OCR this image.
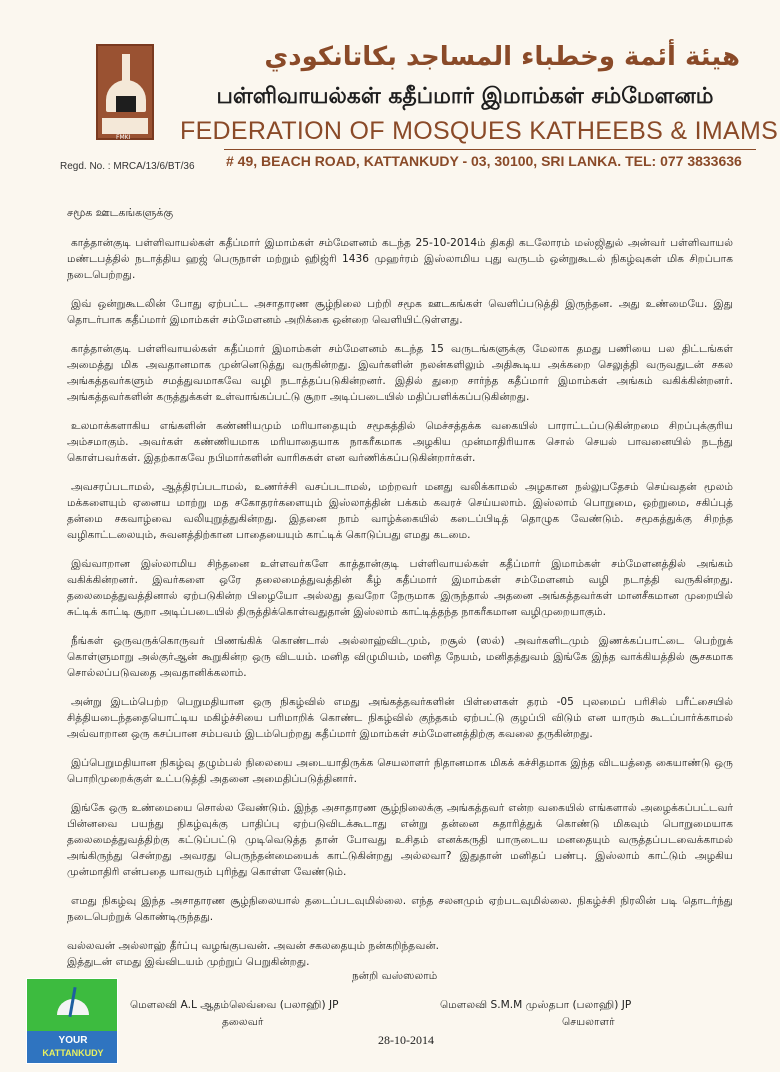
FMKI
هيئة أئمة وخطباء المساجد بكاتانكودي
பள்ளிவாயல்கள் கதீப்மார் இமாம்கள் சம்மேளனம்
FEDERATION OF MOSQUES KATHEEBS & IMAMS
# 49, BEACH ROAD, KATTANKUDY - 03, 30100, SRI LANKA. TEL: 077 3833636
Regd. No. : MRCA/13/6/BT/36

சமூக ஊடகங்களுக்கு

காத்தான்குடி பள்ளிவாயல்கள் கதீப்மார் இமாம்கள் சம்மேளனம் கடந்த 25-10-2014ம் திகதி கடலோரம் மஸ்ஜிதுல் அன்வர் பள்ளிவாயல் மண்டபத்தில் நடாத்திய ஹஜ் பெருநாள் மற்றும் ஹிஜ்ரி 1436 முஹர்ரம் இஸ்லாமிய புது வருடம் ஒன்றுகூடல் நிகழ்வுகள் மிக சிறப்பாக நடைபெற்றது.

இவ் ஒன்றுகூடலின் போது ஏற்பட்ட அசாதாரண சூழ்நிலை பற்றி சமூக ஊடகங்கள் வெளிப்படுத்தி இருந்தன. அது உண்மையே. இது தொடர்பாக கதீப்மார் இமாம்கள் சம்மேளனம் அறிக்கை ஒன்றை வெளியிட்டுள்ளது.

காத்தான்குடி பள்ளிவாயல்கள் கதீப்மார் இமாம்கள் சம்மேளனம் கடந்த 15 வருடங்களுக்கு மேலாக தமது பணியை பல திட்டங்கள் அமைத்து மிக அவதானமாக முன்னெடுத்து வருகின்றது. இவர்களின் நலன்களிலும் அதிகூடிய அக்கறை செலுத்தி வருவதுடன் சகல அங்கத்தவர்களும் சமத்துவமாகவே வழி நடாத்தப்படுகின்றனர். இதில் துறை சார்ந்த கதீப்மார் இமாம்கள் அங்கம் வகிக்கின்றனர். அங்கத்தவர்களின் கருத்துக்கள் உள்வாங்கப்பட்டு சூறா அடிப்படையில் மதிப்பளிக்கப்படுகின்றது.

உலமாக்களாகிய எங்களின் கண்ணியமும் மரியாதையும் சமூகத்தில் மெச்சத்தக்க வகையில் பாராட்டப்படுகின்றமை சிறப்புக்குரிய அம்சமாகும். அவர்கள் கண்ணியமாக மரியாதையாக நாகரீகமாக அழகிய முன்மாதிரியாக சொல் செயல் பாவனையில் நடந்து கொள்பவர்கள். இதற்காகவே நபிமார்களின் வாரிசுகள் என வர்ணிக்கப்படுகின்றார்கள்.

அவசரப்படாமல், ஆத்திரப்படாமல், உணர்ச்சி வசப்படாமல், மற்றவர் மனது வலிக்காமல் அழகான நல்லுபதேசம் செய்வதன் மூலம் மக்களையும் ஏனைய மாற்று மத சகோதரர்களையும் இஸ்லாத்தின் பக்கம் கவரச் செய்யலாம். இஸ்லாம் பொறுமை, ஒற்றுமை, சகிப்புத் தன்மை சகவாழ்வை வலியுறுத்துகின்றது. இதனை நாம் வாழ்க்கையில் கடைப்பிடித் தொழுக வேண்டும். சமூகத்துக்கு சிறந்த வழிகாட்டலையும், சுவனத்திற்கான பாதையையும் காட்டிக் கொடுப்பது எமது கடமை.

இவ்வாறான இஸ்லாமிய சிந்தனை உள்ளவர்களே காத்தான்குடி பள்ளிவாயல்கள் கதீப்மார் இமாம்கள் சம்மேளனத்தில் அங்கம் வகிக்கின்றனர். இவர்களை ஒரே தலைமைத்துவத்தின் கீழ் கதீப்மார் இமாம்கள் சம்மேளனம் வழி நடாத்தி வருகின்றது. தலைமைத்துவத்தினால் ஏற்படுகின்ற பிழையோ அல்லது தவறோ நேருமாக இருந்தால் அதனை அங்கத்தவர்கள் மானசீகமான முறையில் சுட்டிக் காட்டி சூறா அடிப்படையில் திருத்திக்கொள்வதுதான் இஸ்லாம் காட்டித்தந்த நாகரீகமான வழிமுறையாகும்.

நீங்கள் ஒருவருக்கொருவர் பிணங்கிக் கொண்டால் அல்லாஹ்விடமும், றசூல் (ஸல்) அவர்களிடமும் இணக்கப்பாட்டை பெற்றுக் கொள்ளுமாறு அல்குர்ஆன் கூறுகின்ற ஒரு விடயம். மனித விழுமியம், மனித நேயம், மனிதத்துவம் இங்கே இந்த வாக்கியத்தில் சூசகமாக சொல்லப்படுவதை அவதானிக்கலாம்.

அன்று இடம்பெற்ற பெறுமதியான ஒரு நிகழ்வில் எமது அங்கத்தவர்களின் பிள்ளைகள் தரம் -05 புலமைப் பரிசில் பரீட்சையில் சித்தியடைந்ததையொட்டிய மகிழ்ச்சியை பரிமாறிக் கொண்ட நிகழ்வில் குந்தகம் ஏற்பட்டு குழப்பி விடும் என யாரும் கூடப்பார்க்காமல் அவ்வாறான ஒரு கசப்பான சம்பவம் இடம்பெற்றது கதீப்மார் இமாம்கள் சம்மேளனத்திற்கு கவலை தருகின்றது.

இப்பெறுமதியான நிகழ்வு தழும்பல் நிலையை அடையாதிருக்க செயலாளர் நிதானமாக மிகக் கச்சிதமாக இந்த விடயத்தை கையாண்டு ஒரு பொறிமுறைக்குள் உட்படுத்தி அதனை அமைதிப்படுத்தினார்.

இங்கே ஒரு உண்மையை சொல்ல வேண்டும். இந்த அசாதாரண சூழ்நிலைக்கு அங்கத்தவர் என்ற வகையில் எங்களால் அழைக்கப்பட்டவர் பின்னவை பயந்து நிகழ்வுக்கு பாதிப்பு ஏற்படுவிடக்கூடாது என்று தன்னை சுதாரித்துக் கொண்டு மிகவும் பொறுமையாக தலைமைத்துவத்திற்கு கட்டுப்பட்டு முடிவெடுத்த தான் போவது உசிதம் எனக்கருதி யாருடைய மனதையும் வருத்தப்படவைக்காமல் அங்கிருந்து சென்றது அவரது பெருந்தன்மையைக் காட்டுகின்றது அல்லவா? இதுதான் மனிதப் பண்பு. இஸ்லாம் காட்டும் அழகிய முன்மாதிரி என்பதை யாவரும் புரிந்து கொள்ள வேண்டும்.

எமது நிகழ்வு இந்த அசாதாரண சூழ்நிலையால் தடைப்படவுமில்லை. எந்த சலனமும் ஏற்படவுமில்லை. நிகழ்ச்சி நிரலின் படி தொடர்ந்து நடைபெற்றுக் கொண்டிருந்தது.

வல்லவன் அல்லாஹ் தீர்ப்பு வழங்குபவன். அவன் சகலதையும் நன்கறிந்தவன்.
இத்துடன் எமது இவ்விடயம் முற்றுப் பெறுகின்றது.
நன்றி வஸ்ஸலாம்
மௌலவி A.L ஆதம்லெவ்வை (பலாஹி) JP
தலைவர்
மௌலவி S.M.M முஸ்தபா (பலாஹி) JP
செயலாளர்
28-10-2014
YOUR
KATTANKUDY
